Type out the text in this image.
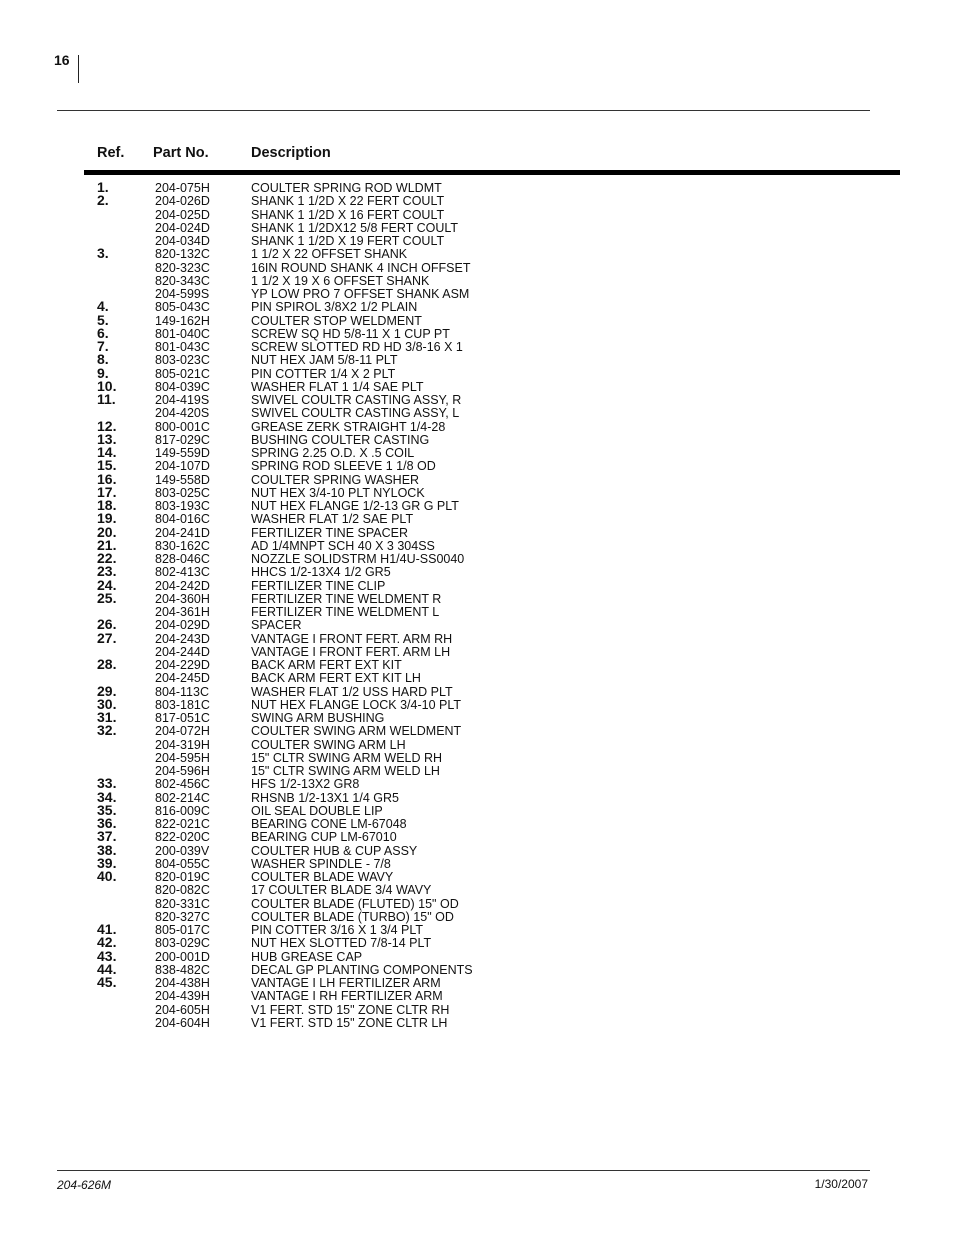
16
Ref. Part No.	Description
1.	204-075H	COULTER SPRING ROD WLDMT
2.	204-026D	SHANK 1 1/2D X 22 FERT COULT
204-025D	SHANK 1 1/2D X 16 FERT COULT
204-024D	SHANK 1 1/2DX12 5/8 FERT COULT
204-034D	SHANK 1 1/2D X 19 FERT COULT
3.	820-132C	1 1/2 X 22 OFFSET SHANK
820-323C	16IN ROUND SHANK 4 INCH OFFSET
820-343C	1 1/2 X 19 X 6 OFFSET SHANK
204-599S	YP LOW PRO 7 OFFSET SHANK ASM
4.	805-043C	PIN SPIROL 3/8X2 1/2 PLAIN
5.	149-162H	COULTER STOP WELDMENT
6.	801-040C	SCREW SQ HD 5/8-11 X 1 CUP PT
7.	801-043C	SCREW SLOTTED RD HD 3/8-16 X 1
8.	803-023C	NUT HEX JAM 5/8-11 PLT
9.	805-021C	PIN COTTER 1/4 X 2 PLT
10.	804-039C	WASHER FLAT 1 1/4 SAE PLT
11.	204-419S	SWIVEL COULTR CASTING ASSY, R
204-420S	SWIVEL COULTR CASTING ASSY, L
12.	800-001C	GREASE ZERK STRAIGHT 1/4-28
13.	817-029C	BUSHING COULTER CASTING
14.	149-559D	SPRING 2.25 O.D. X .5 COIL
15.	204-107D	SPRING ROD SLEEVE 1 1/8 OD
16.	149-558D	COULTER SPRING WASHER
17.	803-025C	NUT HEX 3/4-10 PLT NYLOCK
18.	803-193C	NUT HEX FLANGE 1/2-13 GR G PLT
19.	804-016C	WASHER FLAT 1/2 SAE PLT
20.	204-241D	FERTILIZER TINE SPACER
21.	830-162C	AD 1/4MNPT SCH 40 X 3 304SS
22.	828-046C	NOZZLE SOLIDSTRM H1/4U-SS0040
23.	802-413C	HHCS 1/2-13X4 1/2 GR5
24.	204-242D	FERTILIZER TINE CLIP
25.	204-360H	FERTILIZER TINE WELDMENT R
204-361H	FERTILIZER TINE WELDMENT L
26.	204-029D	SPACER
27.	204-243D	VANTAGE I FRONT FERT. ARM RH
204-244D	VANTAGE I FRONT FERT. ARM LH
28.	204-229D	BACK ARM FERT EXT KIT
204-245D	BACK ARM FERT EXT KIT LH
29.	804-113C	WASHER FLAT 1/2 USS HARD PLT
30.	803-181C	NUT HEX FLANGE LOCK 3/4-10 PLT
31.	817-051C	SWING ARM BUSHING
32.	204-072H	COULTER SWING ARM WELDMENT
204-319H	COULTER SWING ARM LH
204-595H	15" CLTR SWING ARM WELD RH
204-596H	15" CLTR SWING ARM WELD LH
33.	802-456C	HFS 1/2-13X2 GR8
34.	802-214C	RHSNB 1/2-13X1 1/4 GR5
35.	816-009C	OIL SEAL DOUBLE LIP
36.	822-021C	BEARING CONE LM-67048
37.	822-020C	BEARING CUP LM-67010
38.	200-039V	COULTER HUB & CUP ASSY
39.	804-055C	WASHER SPINDLE - 7/8
40.	820-019C	COULTER BLADE WAVY
820-082C	17 COULTER BLADE 3/4 WAVY
820-331C	COULTER BLADE (FLUTED) 15" OD
820-327C	COULTER BLADE (TURBO) 15" OD
41.	805-017C	PIN COTTER 3/16 X 1 3/4 PLT
42.	803-029C	NUT HEX SLOTTED 7/8-14 PLT
43.	200-001D	HUB GREASE CAP
44.	838-482C	DECAL GP PLANTING COMPONENTS
45.	204-438H	VANTAGE I LH FERTILIZER ARM
204-439H	VANTAGE I RH FERTILIZER ARM
204-605H	V1 FERT. STD 15" ZONE CLTR RH
204-604H	V1 FERT. STD 15" ZONE CLTR LH
204-626M	1/30/2007
